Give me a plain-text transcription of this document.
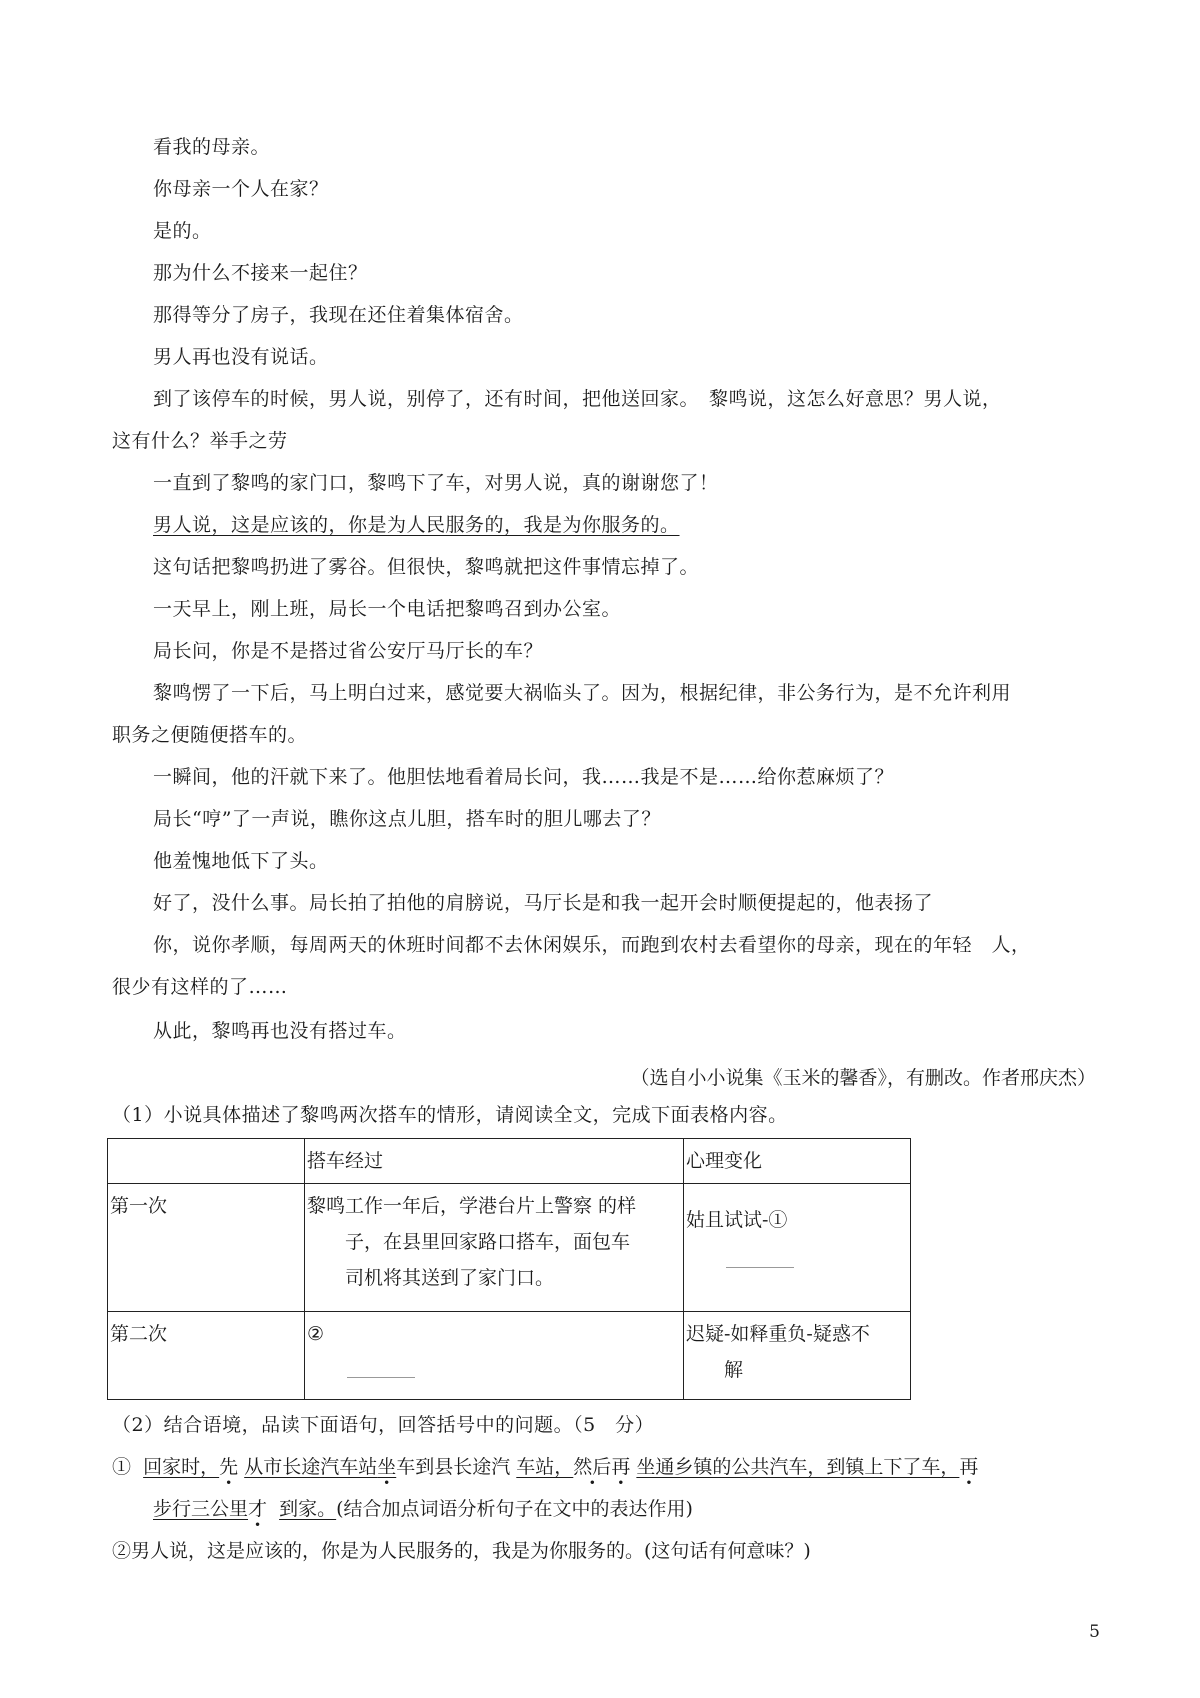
看我的母亲。
你母亲一个人在家？
是的。
那为什么不接来一起住？
那得等分了房子，我现在还住着集体宿舍。
男人再也没有说话。
到了该停车的时候，男人说，别停了，还有时间，把他送回家。　黎鸣说，这怎么好意思？男人说，
这有什么？举手之劳
一直到了黎鸣的家门口，黎鸣下了车，对男人说，真的谢谢您了！
男人说，这是应该的，你是为人民服务的，我是为你服务的。
这句话把黎鸣扔进了雾谷。但很快，黎鸣就把这件事情忘掉了。
一天早上，刚上班，局长一个电话把黎鸣召到办公室。
局长问，你是不是搭过省公安厅马厅长的车？
黎鸣愣了一下后，马上明白过来，感觉要大祸临头了。因为，根据纪律，非公务行为，是不允许利用
职务之便随便搭车的。
一瞬间，他的汗就下来了。他胆怯地看着局长问，我……我是不是……给你惹麻烦了？
局长“哼”了一声说，瞧你这点儿胆，搭车时的胆儿哪去了？
他羞愧地低下了头。
好了，没什么事。局长拍了拍他的肩膀说，马厅长是和我一起开会时顺便提起的，他表扬了
你，说你孝顺，每周两天的休班时间都不去休闲娱乐，而跑到农村去看望你的母亲，现在的年轻　人，
很少有这样的了……
从此，黎鸣再也没有搭过车。
（选自小小说集《玉米的馨香》，有删改。作者邢庆杰）
（1）小说具体描述了黎鸣两次搭车的情形，请阅读全文，完成下面表格内容。
	搭车经过	心理变化
第一次	黎鸣工作一年后，学港台片上警察 的样
子，在县里回家路口搭车，面包车
司机将其送到了家门口。	姑且试试-①

第二次	②	迟疑-如释重负-疑惑不
解
（2）结合语境，品读下面语句，回答括号中的问题。（5　分）
① 回家时，先 从市长途汽车站坐车到县长途汽 车站，然后再 坐通乡镇的公共汽车，到镇上下了车，再
步行三公里才 到家。(结合加点词语分析句子在文中的表达作用)
②男人说，这是应该的，你是为人民服务的，我是为你服务的。(这句话有何意味？)
5
